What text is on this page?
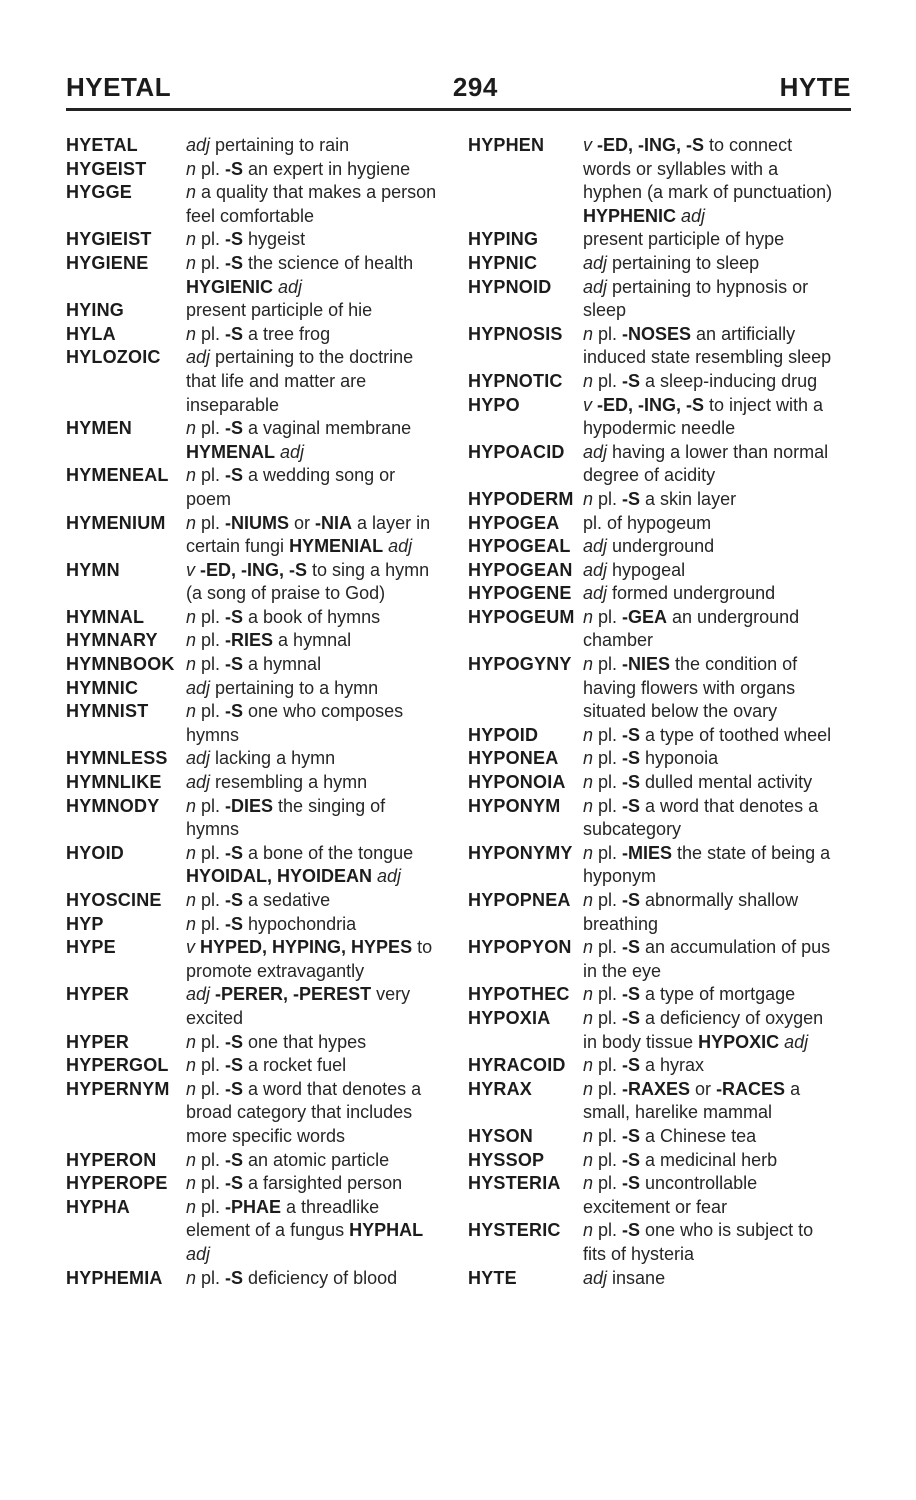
HYETAL	294	HYTE
HYETAL	adj pertaining to rain
HYGEIST	n pl. -S an expert in hygiene
HYGGE	n a quality that makes a person feel comfortable
HYGIEIST	n pl. -S hygeist
HYGIENE	n pl. -S the science of health HYGIENIC adj
HYING	present participle of hie
HYLA	n pl. -S a tree frog
HYLOZOIC	adj pertaining to the doctrine that life and matter are inseparable
HYMEN	n pl. -S a vaginal membrane HYMENAL adj
HYMENEAL n pl. -S a wedding song or poem
HYMENIUM	n pl. -NIUMS or -NIA a layer in certain fungi HYMENIAL adj
HYMN	v -ED, -ING, -S to sing a hymn (a song of praise to God)
HYMNAL	n pl. -S a book of hymns
HYMNARY	n pl. -RIES a hymnal
HYMNBOOK n pl. -S a hymnal
HYMNIC	adj pertaining to a hymn
HYMNIST	n pl. -S one who composes hymns
HYMNLESS	adj lacking a hymn
HYMNLIKE	adj resembling a hymn
HYMNODY	n pl. -DIES the singing of hymns
HYOID	n pl. -S a bone of the tongue HYOIDAL, HYOIDEAN adj
HYOSCINE	n pl. -S a sedative
HYP	n pl. -S hypochondria
HYPE	v HYPED, HYPING, HYPES to promote extravagantly
HYPER	adj -PERER, -PEREST very excited
HYPER	n pl. -S one that hypes
HYPERGOL n pl. -S a rocket fuel
HYPERNYM n pl. -S a word that denotes a broad category that includes more specific words
HYPERON	n pl. -S an atomic particle
HYPEROPE	n pl. -S a farsighted person
HYPHA	n pl. -PHAE a threadlike element of a fungus HYPHAL adj
HYPHEMIA	n pl. -S deficiency of blood
HYPHEN	v -ED, -ING, -S to connect words or syllables with a hyphen (a mark of punctuation) HYPHENIC adj
HYPING	present participle of hype
HYPNIC	adj pertaining to sleep
HYPNOID	adj pertaining to hypnosis or sleep
HYPNOSIS	n pl. -NOSES an artificially induced state resembling sleep
HYPNOTIC	n pl. -S a sleep-inducing drug
HYPO	v -ED, -ING, -S to inject with a hypodermic needle
HYPOACID	adj having a lower than normal degree of acidity
HYPODERM n pl. -S a skin layer
HYPOGEA	pl. of hypogeum
HYPOGEAL adj underground
HYPOGEAN adj hypogeal
HYPOGENE adj formed underground
HYPOGEUM n pl. -GEA an underground chamber
HYPOGYNY n pl. -NIES the condition of having flowers with organs situated below the ovary
HYPOID	n pl. -S a type of toothed wheel
HYPONEA	n pl. -S hyponoia
HYPONOIA n pl. -S dulled mental activity
HYPONYM	n pl. -S a word that denotes a subcategory
HYPONYMY n pl. -MIES the state of being a hyponym
HYPOPNEA n pl. -S abnormally shallow breathing
HYPOPYON n pl. -S an accumulation of pus in the eye
HYPOTHEC n pl. -S a type of mortgage
HYPOXIA	n pl. -S a deficiency of oxygen in body tissue HYPOXIC adj
HYRACOID n pl. -S a hyrax
HYRAX	n pl. -RAXES or -RACES a small, harelike mammal
HYSON	n pl. -S a Chinese tea
HYSSOP	n pl. -S a medicinal herb
HYSTERIA	n pl. -S uncontrollable excitement or fear
HYSTERIC	n pl. -S one who is subject to fits of hysteria
HYTE	adj insane
